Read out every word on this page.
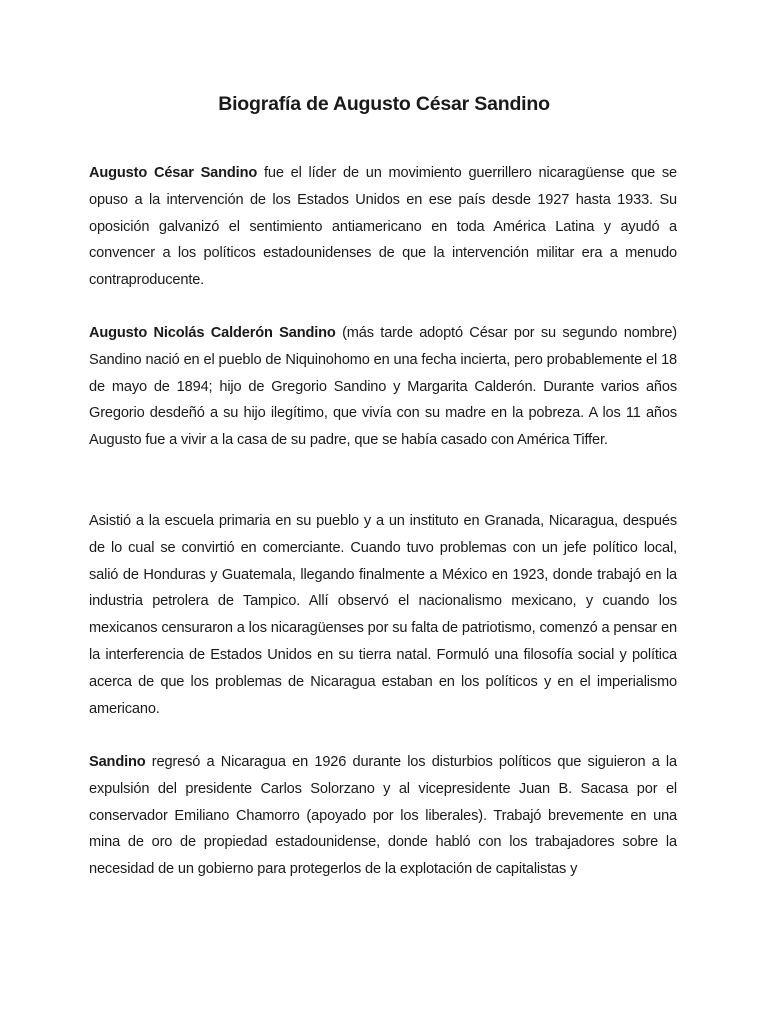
Biografía de Augusto César Sandino

Augusto César Sandino fue el líder de un movimiento guerrillero nicaragüense que se opuso a la intervención de los Estados Unidos en ese país desde 1927 hasta 1933. Su oposición galvanizó el sentimiento antiamericano en toda América Latina y ayudó a convencer a los políticos estadounidenses de que la intervención militar era a menudo contraproducente.

Augusto Nicolás Calderón Sandino (más tarde adoptó César por su segundo nombre) Sandino nació en el pueblo de Niquinohomo en una fecha incierta, pero probablemente el 18 de mayo de 1894; hijo de Gregorio Sandino y Margarita Calderón. Durante varios años Gregorio desdeñó a su hijo ilegítimo, que vivía con su madre en la pobreza. A los 11 años Augusto fue a vivir a la casa de su padre, que se había casado con América Tiffer.

Asistió a la escuela primaria en su pueblo y a un instituto en Granada, Nicaragua, después de lo cual se convirtió en comerciante. Cuando tuvo problemas con un jefe político local, salió de Honduras y Guatemala, llegando finalmente a México en 1923, donde trabajó en la industria petrolera de Tampico. Allí observó el nacionalismo mexicano, y cuando los mexicanos censuraron a los nicaragüenses por su falta de patriotismo, comenzó a pensar en la interferencia de Estados Unidos en su tierra natal. Formuló una filosofía social y política acerca de que los problemas de Nicaragua estaban en los políticos y en el imperialismo americano.

Sandino regresó a Nicaragua en 1926 durante los disturbios políticos que siguieron a la expulsión del presidente Carlos Solorzano y al vicepresidente Juan B. Sacasa por el conservador Emiliano Chamorro (apoyado por los liberales). Trabajó brevemente en una mina de oro de propiedad estadounidense, donde habló con los trabajadores sobre la necesidad de un gobierno para protegerlos de la explotación de capitalistas y
